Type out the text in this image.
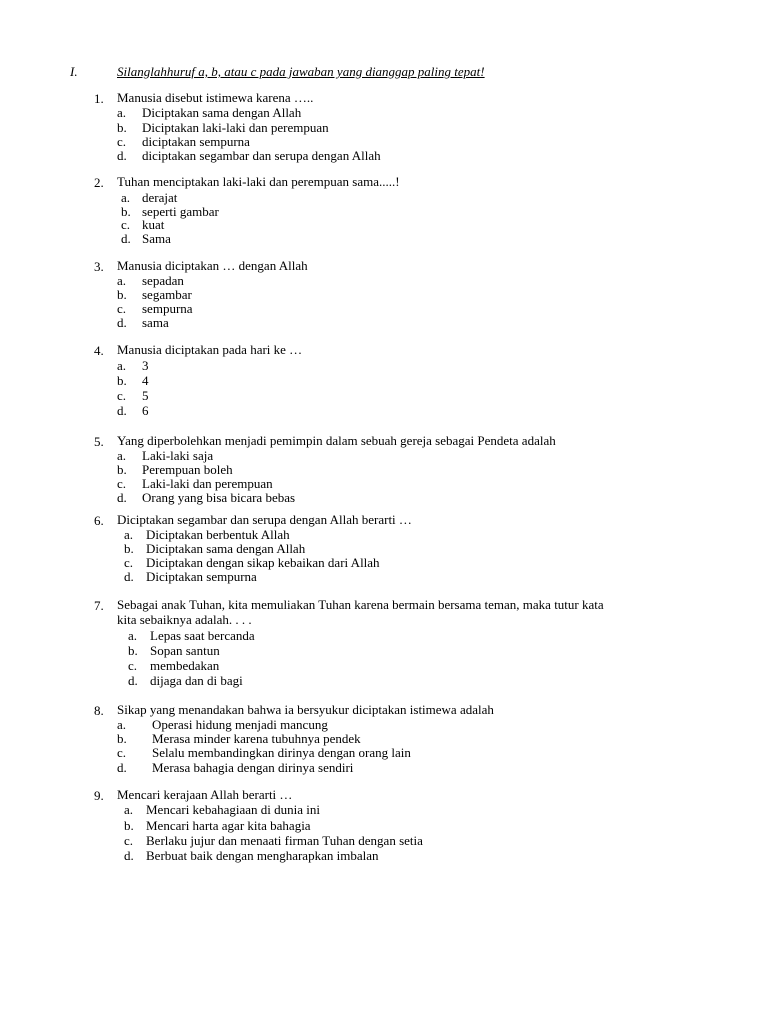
I.	Silanglahhuruf a, b, atau c pada jawaban yang dianggap paling tepat!
1. Manusia disebut istimewa karena …..
a. Diciptakan sama dengan Allah
b. Diciptakan laki-laki dan perempuan
c. diciptakan sempurna
d. diciptakan segambar dan serupa dengan Allah
2. Tuhan menciptakan laki-laki dan perempuan sama.....!
a. derajat
b. seperti gambar
c. kuat
d. Sama
3. Manusia diciptakan … dengan Allah
a. sepadan
b. segambar
c. sempurna
d. sama
4. Manusia diciptakan pada hari ke …
a. 3
b. 4
c. 5
d. 6
5. Yang diperbolehkan menjadi pemimpin dalam sebuah gereja sebagai Pendeta adalah
a. Laki-laki saja
b. Perempuan boleh
c. Laki-laki dan perempuan
d. Orang yang bisa bicara bebas
6. Diciptakan segambar dan serupa dengan Allah berarti …
a. Diciptakan berbentuk Allah
b. Diciptakan sama dengan Allah
c. Diciptakan dengan sikap kebaikan dari Allah
d. Diciptakan sempurna
7. Sebagai anak Tuhan, kita memuliakan Tuhan karena bermain bersama teman, maka tutur kata
kita sebaiknya adalah. . . .
a. Lepas saat bercanda
b. Sopan santun
c. membedakan
d. dijaga dan di bagi
8. Sikap yang menandakan bahwa ia bersyukur diciptakan istimewa adalah
a. Operasi hidung menjadi mancung
b. Merasa minder karena tubuhnya pendek
c. Selalu membandingkan dirinya dengan orang lain
d. Merasa bahagia dengan dirinya sendiri
9. Mencari kerajaan Allah berarti …
a. Mencari kebahagiaan di dunia ini
b. Mencari harta agar kita bahagia
c. Berlaku jujur dan menaati firman Tuhan dengan setia
d. Berbuat baik dengan mengharapkan imbalan
